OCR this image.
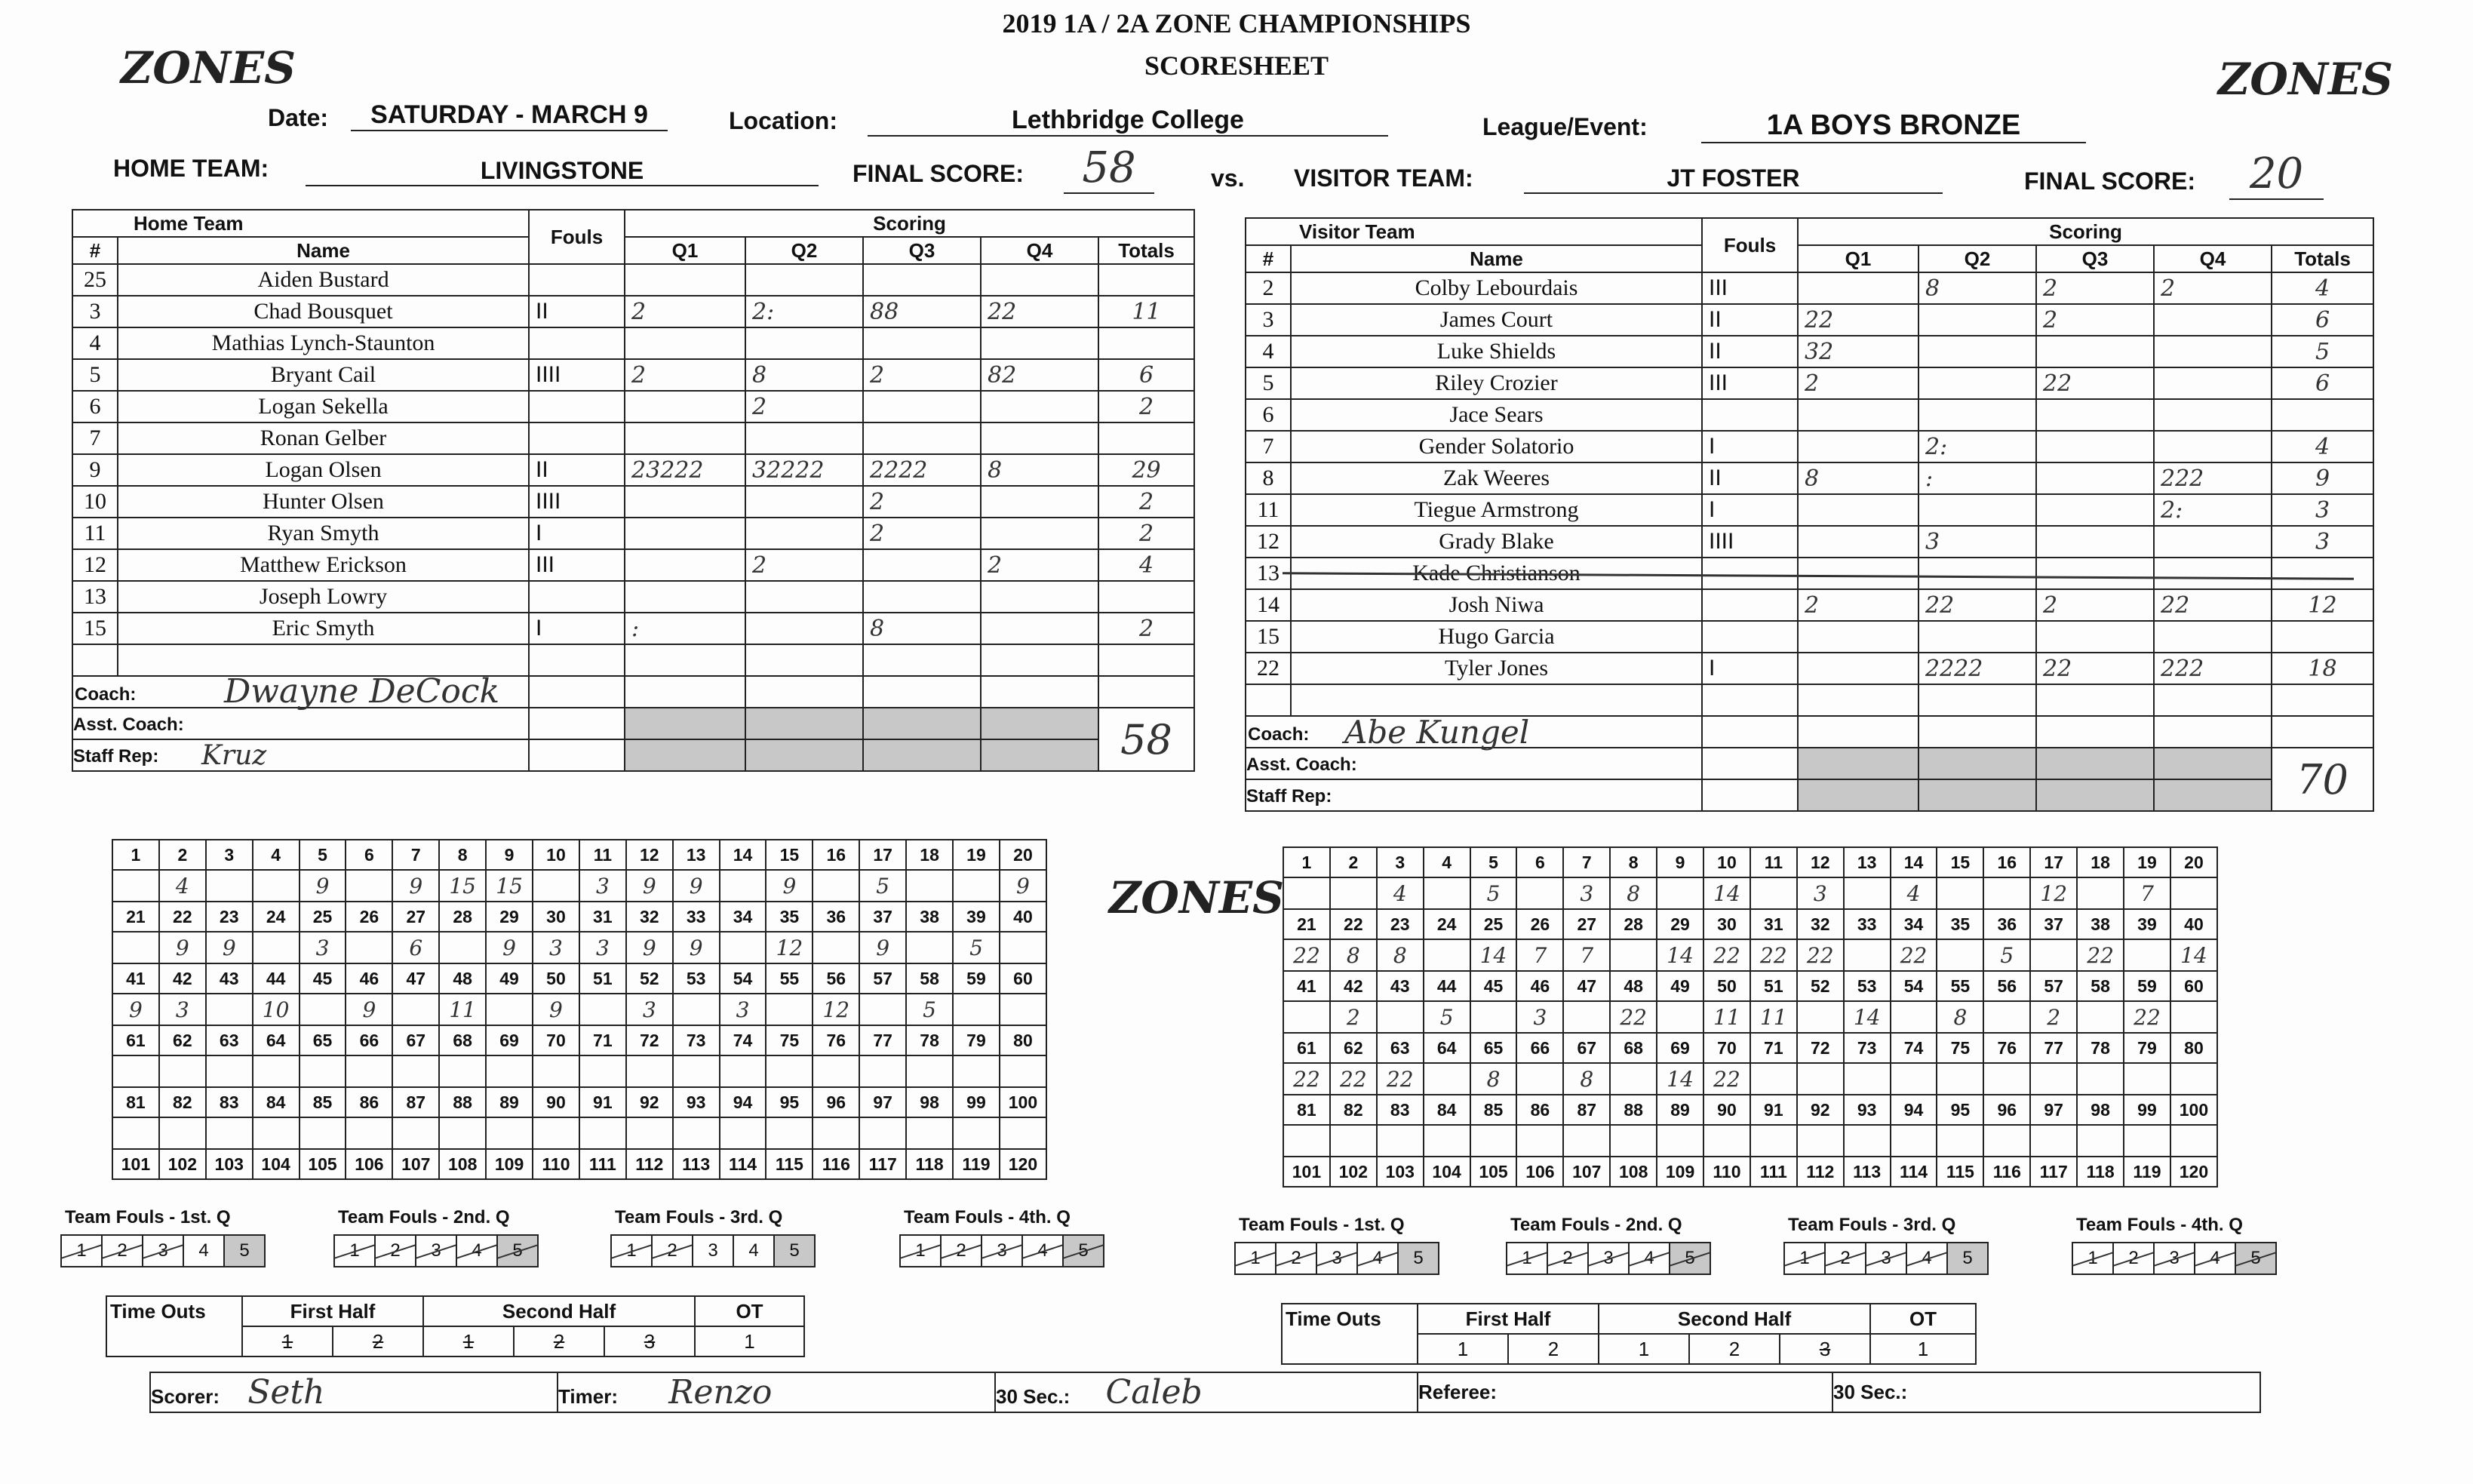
2019 1A / 2A ZONE CHAMPIONSHIPS
SCORESHEET
ZONES	ZONES
Date:	SATURDAY - MARCH 9	Location:	Lethbridge College	League/Event:	1A BOYS BRONZE
HOME TEAM:	LIVINGSTONE	FINAL SCORE:	58	vs. VISITOR TEAM:	JT FOSTER	FINAL SCORE:	20
Home Team		Fouls	Scoring				
#	Name		Q1	Q2	Q3	Q4	Totals
25	Aiden Bustard						
3	Chad Bousquet	II	2	2:	88	22	11
4	Mathias Lynch-Staunton						
5	Bryant Cail	IIII	2	8	2	82	6
6	Logan Sekella			2			2
7	Ronan Gelber						
9	Logan Olsen	II	23222	32222	2222	8	29
10	Hunter Olsen	IIII			2		2
11	Ryan Smyth	I			2		2
12	Matthew Erickson	III		2		2	4
13	Joseph Lowry						
15	Eric Smyth	I	:		8		2

Coach: Dwayne DeCock							

Asst. Coach:							58
Staff Rep: Kruz							

Visitor Team		Fouls	Scoring				
#	Name		Q1	Q2	Q3	Q4	Totals
2	Colby Lebourdais	III		8	2	2	4
3	James Court	II	22		2		6
4	Luke Shields	II	32				5
5	Riley Crozier	III	2		22		6
6	Jace Sears						
7	Gender Solatorio	I		2:			4
8	Zak Weeres	II	8	:		222	9
11	Tiegue Armstrong	I				2:	3
12	Grady Blake	IIII		3			3
13	Kade Christianson						
14	Josh Niwa		2	22	2	22	12
15	Hugo Garcia						
22	Tyler Jones	I		2222	22	222	18

Coach: Abe Kungel							

Asst. Coach:							70
Staff Rep:							
1	2	3	4	5	6	7	8	9	10	11	12	13	14	15	16	17	18	19	20
	4			9		9	15	15		3	9	9		9		5			9
21	22	23	24	25	26	27	28	29	30	31	32	33	34	35	36	37	38	39	40
	9	9		3		6		9	3	3	9	9		12		9		5	
41	42	43	44	45	46	47	48	49	50	51	52	53	54	55	56	57	58	59	60
9	3		10		9		11		9		3		3		12		5		
61	62	63	64	65	66	67	68	69	70	71	72	73	74	75	76	77	78	79	80

81	82	83	84	85	86	87	88	89	90	91	92	93	94	95	96	97	98	99	100

101	102	103	104	105	106	107	108	109	110	111	112	113	114	115	116	117	118	119	120
1	2	3	4	5	6	7	8	9	10	11	12	13	14	15	16	17	18	19	20
		4		5		3	8		14		3		4			12		7	
21	22	23	24	25	26	27	28	29	30	31	32	33	34	35	36	37	38	39	40
22	8	8		14	7	7		14	22	22	22		22		5		22		14
41	42	43	44	45	46	47	48	49	50	51	52	53	54	55	56	57	58	59	60
	2		5		3		22		11	11		14		8		2		22	
61	62	63	64	65	66	67	68	69	70	71	72	73	74	75	76	77	78	79	80
22	22	22		8		8		14	22										
81	82	83	84	85	86	87	88	89	90	91	92	93	94	95	96	97	98	99	100

101	102	103	104	105	106	107	108	109	110	111	112	113	114	115	116	117	118	119	120
ZONES
Team Fouls - 1st. Q
1	2	3	4	5
Team Fouls - 2nd. Q
1	2	3	4	5
Team Fouls - 3rd. Q
1	2	3	4	5
Team Fouls - 4th. Q
1	2	3	4	5
Team Fouls - 1st. Q
1	2	3	4	5
Team Fouls - 2nd. Q
1	2	3	4	5
Team Fouls - 3rd. Q
1	2	3	4	5
Team Fouls - 4th. Q
1	2	3	4	5
Time Outs	First Half		Second Half			OT
	1	2	1	2	3	1
Time Outs	First Half		Second Half			OT
	1	2	1	2	3	1
Scorer: Seth	Timer: Renzo	30 Sec.: Caleb	Referee:	30 Sec.:
